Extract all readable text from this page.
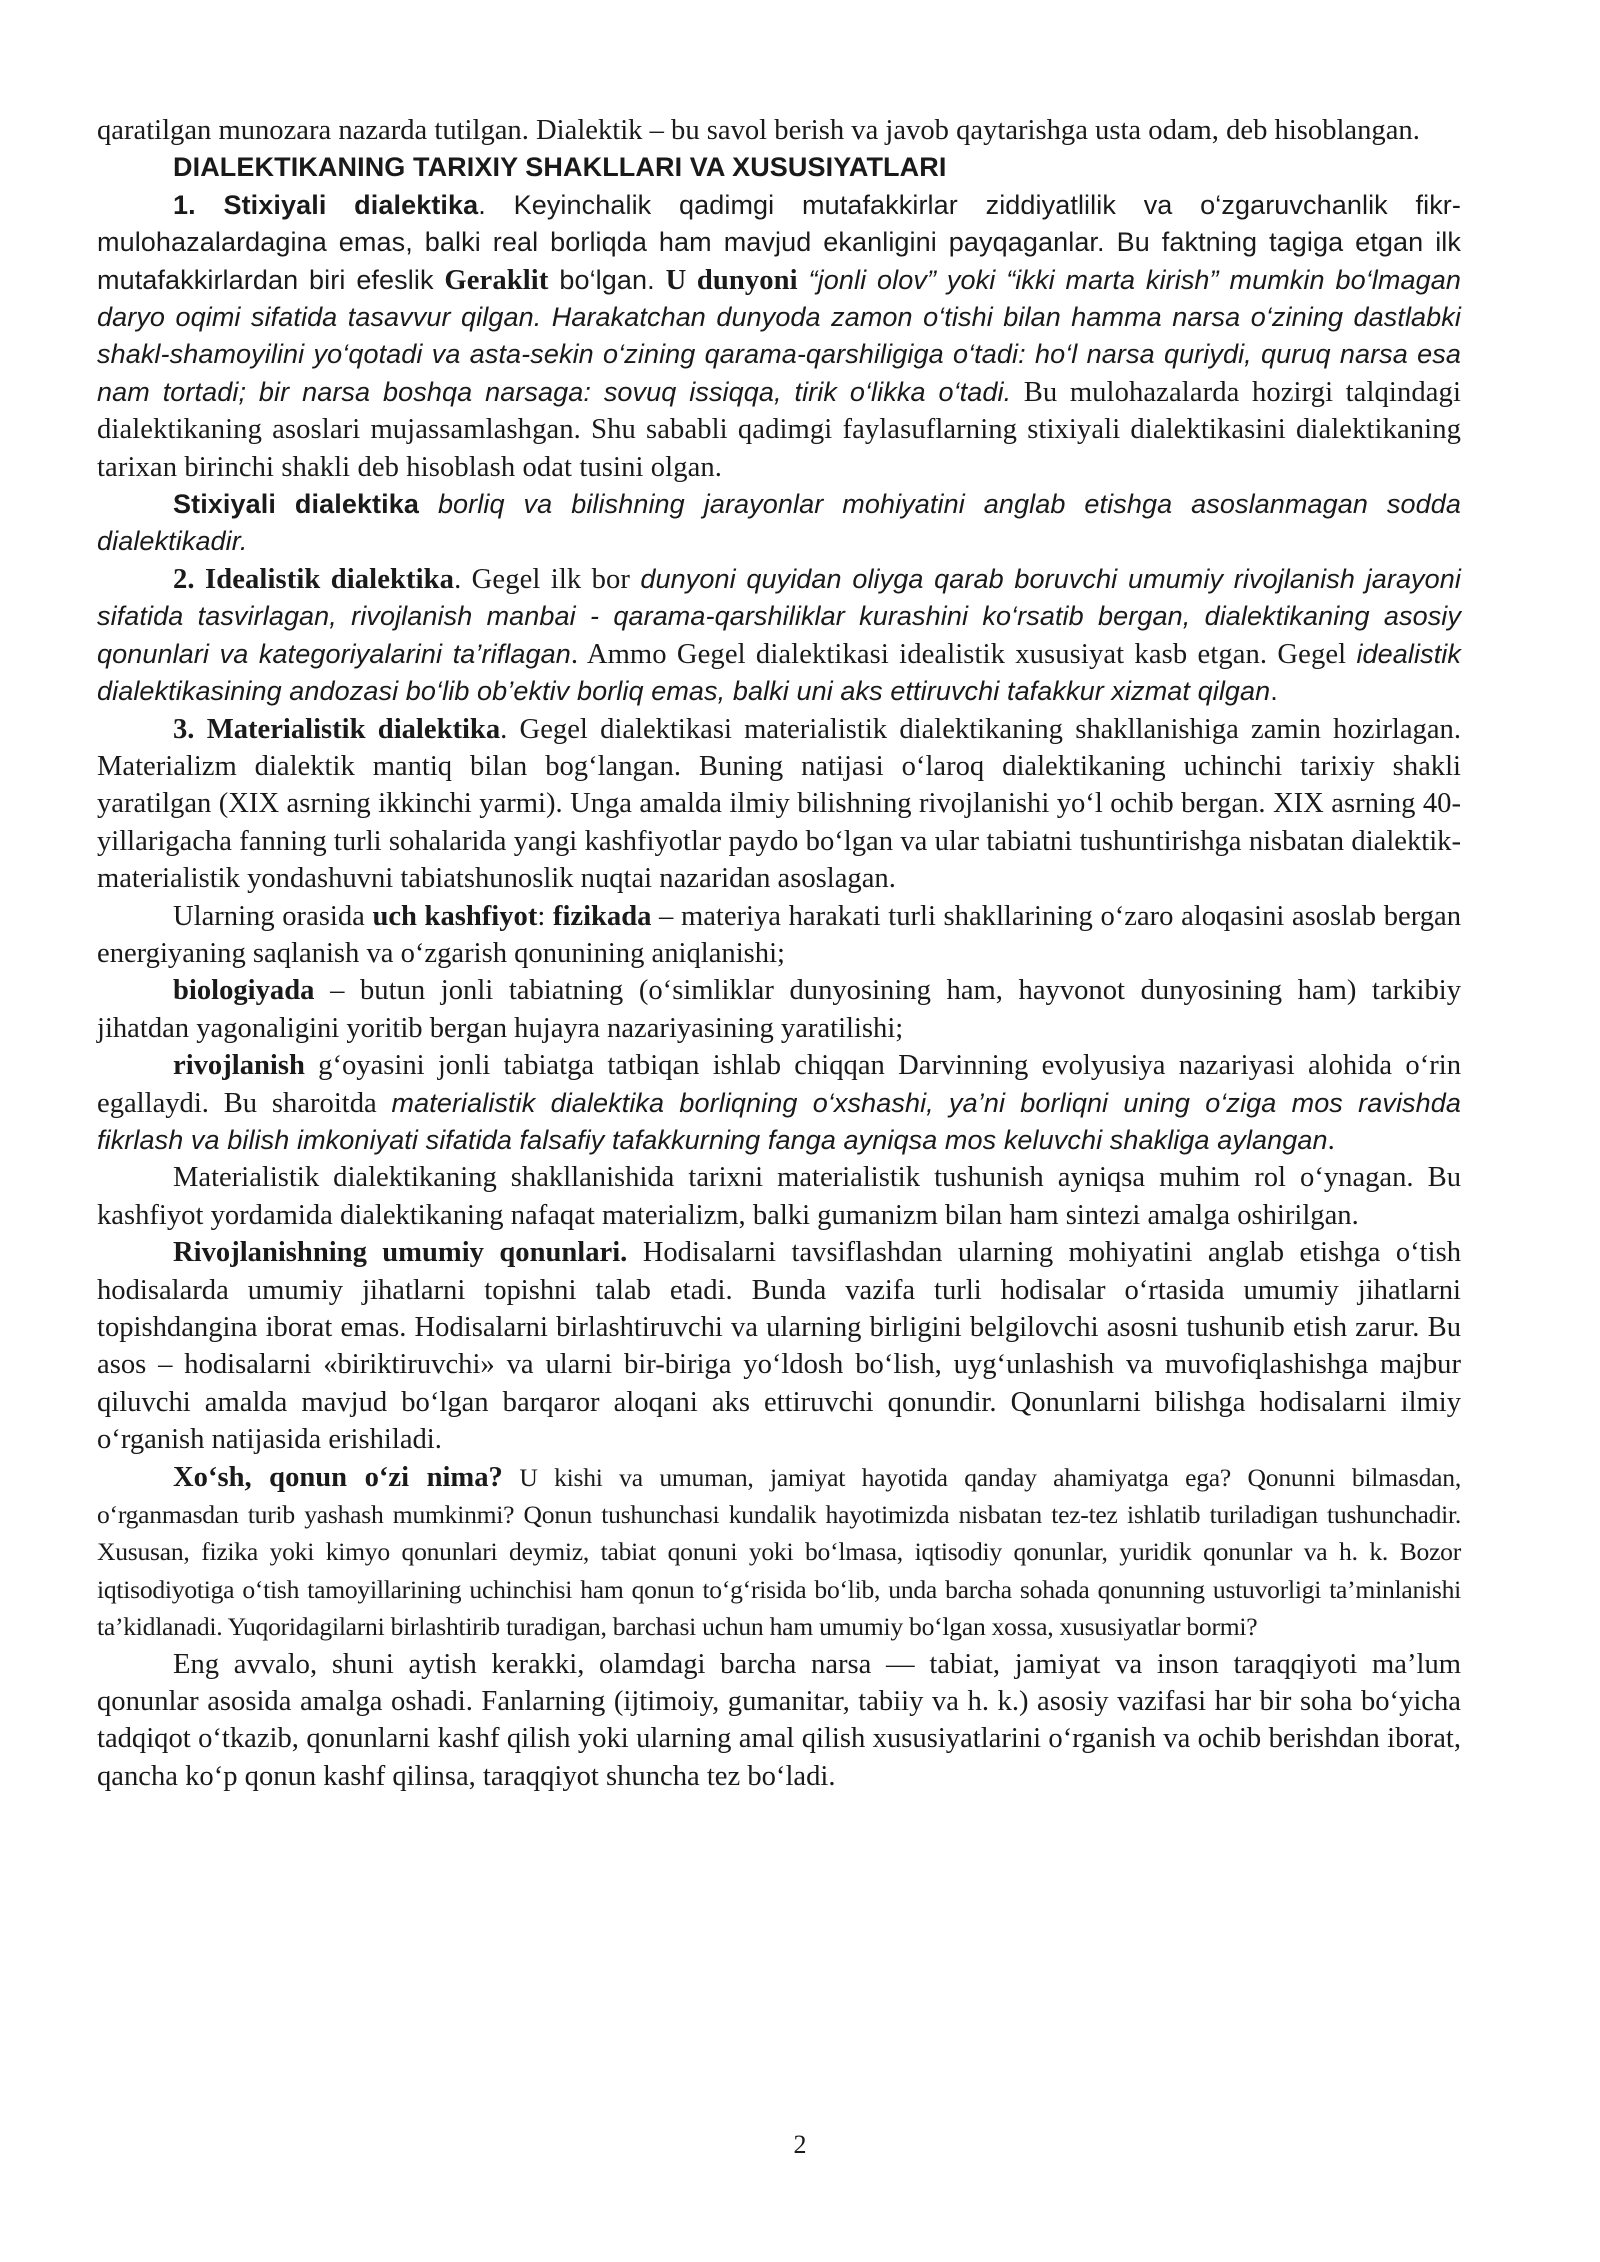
qaratilgan munozara nazarda tutilgan. Dialektik – bu savol berish va javob qaytarishga usta odam, deb hisoblangan.

DIALEKTIKANING TARIXIY SHAKLLARI VA XUSUSIYATLARI

1. Stixiyali dialektika. Keyinchalik qadimgi mutafakkirlar ziddiyatlilik va o‘zgaruvchanlik fikr-mulohazalardagina emas, balki real borliqda ham mavjud ekanligini payqaganlar. Bu faktning tagiga etgan ilk mutafakkirlardan biri efeslik Geraklit bo‘lgan. U dunyoni “jonli olov” yoki “ikki marta kirish” mumkin bo‘lmagan daryo oqimi sifatida tasavvur qilgan. Harakatchan dunyoda zamon o‘tishi bilan hamma narsa o‘zining dastlabki shakl-shamoyilini yo‘qotadi va asta-sekin o‘zining qarama-qarshiligiga o‘tadi: ho‘l narsa quriydi, quruq narsa esa nam tortadi; bir narsa boshqa narsaga: sovuq issiqqa, tirik o‘likka o‘tadi. Bu mulohazalarda hozirgi talqindagi dialektikaning asoslari mujassamlashgan. Shu sababli qadimgi faylasuflarning stixiyali dialektikasini dialektikaning tarixan birinchi shakli deb hisoblash odat tusini olgan.

Stixiyali dialektika borliq va bilishning jarayonlar mohiyatini anglab etishga asoslanmagan sodda dialektikadir.

2. Idealistik dialektika. Gegel ilk bor dunyoni quyidan oliyga qarab boruvchi umumiy rivojlanish jarayoni sifatida tasvirlagan, rivojlanish manbai - qarama-qarshiliklar kurashini ko‘rsatib bergan, dialektikaning asosiy qonunlari va kategoriyalarini ta’riflagan. Ammo Gegel dialektikasi idealistik xususiyat kasb etgan. Gegel idealistik dialektikasining andozasi bo‘lib ob’ektiv borliq emas, balki uni aks ettiruvchi tafakkur xizmat qilgan.

3. Materialistik dialektika. Gegel dialektikasi materialistik dialektikaning shakllanishiga zamin hozirlagan. Materializm dialektik mantiq bilan bog‘langan. Buning natijasi o‘laroq dialektikaning uchinchi tarixiy shakli yaratilgan (XIX asrning ikkinchi yarmi). Unga amalda ilmiy bilishning rivojlanishi yo‘l ochib bergan. XIX asrning 40-yillarigacha fanning turli sohalarida yangi kashfiyotlar paydo bo‘lgan va ular tabiatni tushuntirishga nisbatan dialektik-materialistik yondashuvni tabiatshunoslik nuqtai nazaridan asoslagan.

Ularning orasida uch kashfiyot: fizikada – materiya harakati turli shakllarining o‘zaro aloqasini asoslab bergan energiyaning saqlanish va o‘zgarish qonunining aniqlanishi;

biologiyada – butun jonli tabiatning (o‘simliklar dunyosining ham, hayvonot dunyosining ham) tarkibiy jihatdan yagonaligini yoritib bergan hujayra nazariyasining yaratilishi;

rivojlanish g‘oyasini jonli tabiatga tatbiqan ishlab chiqqan Darvinning evolyusiya nazariyasi alohida o‘rin egallaydi. Bu sharoitda materialistik dialektika borliqning o‘xshashi, ya’ni borliqni uning o‘ziga mos ravishda fikrlash va bilish imkoniyati sifatida falsafiy tafakkurning fanga ayniqsa mos keluvchi shakliga aylangan.

Materialistik dialektikaning shakllanishida tarixni materialistik tushunish ayniqsa muhim rol o‘ynagan. Bu kashfiyot yordamida dialektikaning nafaqat materializm, balki gumanizm bilan ham sintezi amalga oshirilgan.

Rivojlanishning umumiy qonunlari. Hodisalarni tavsiflashdan ularning mohiyatini anglab etishga o‘tish hodisalarda umumiy jihatlarni topishni talab etadi. Bunda vazifa turli hodisalar o‘rtasida umumiy jihatlarni topishdangina iborat emas. Hodisalarni birlashtiruvchi va ularning birligini belgilovchi asosni tushunib etish zarur. Bu asos – hodisalarni «biriktiruvchi» va ularni bir-biriga yo‘ldosh bo‘lish, uyg‘unlashish va muvofiqlashishga majbur qiluvchi amalda mavjud bo‘lgan barqaror aloqani aks ettiruvchi qonundir. Qonunlarni bilishga hodisalarni ilmiy o‘rganish natijasida erishiladi.

Xo‘sh, qonun o‘zi nima? U kishi va umuman, jamiyat hayotida qanday ahamiyatga ega? Qonunni bilmasdan, o‘rganmasdan turib yashash mumkinmi? Qonun tushunchasi kundalik hayotimizda nisbatan tez-tez ishlatib turiladigan tushunchadir. Xususan, fizika yoki kimyo qonunlari deymiz, tabiat qonuni yoki bo‘lmasa, iqtisodiy qonunlar, yuridik qonunlar va h. k. Bozor iqtisodiyotiga o‘tish tamoyillarining uchinchisi ham qonun to‘g‘risida bo‘lib, unda barcha sohada qonunning ustuvorligi ta’minlanishi ta’kidlanadi. Yuqoridagilarni birlashtirib turadigan, barchasi uchun ham umumiy bo‘lgan xossa, xususiyatlar bormi?

Eng avvalo, shuni aytish kerakki, olamdagi barcha narsa — tabiat, jamiyat va inson taraqqiyoti ma’lum qonunlar asosida amalga oshadi. Fanlarning (ijtimoiy, gumanitar, tabiiy va h. k.) asosiy vazifasi har bir soha bo‘yicha tadqiqot o‘tkazib, qonunlarni kashf qilish yoki ularning amal qilish xususiyatlarini o‘rganish va ochib berishdan iborat, qancha ko‘p qonun kashf qilinsa, taraqqiyot shuncha tez bo‘ladi.

2
